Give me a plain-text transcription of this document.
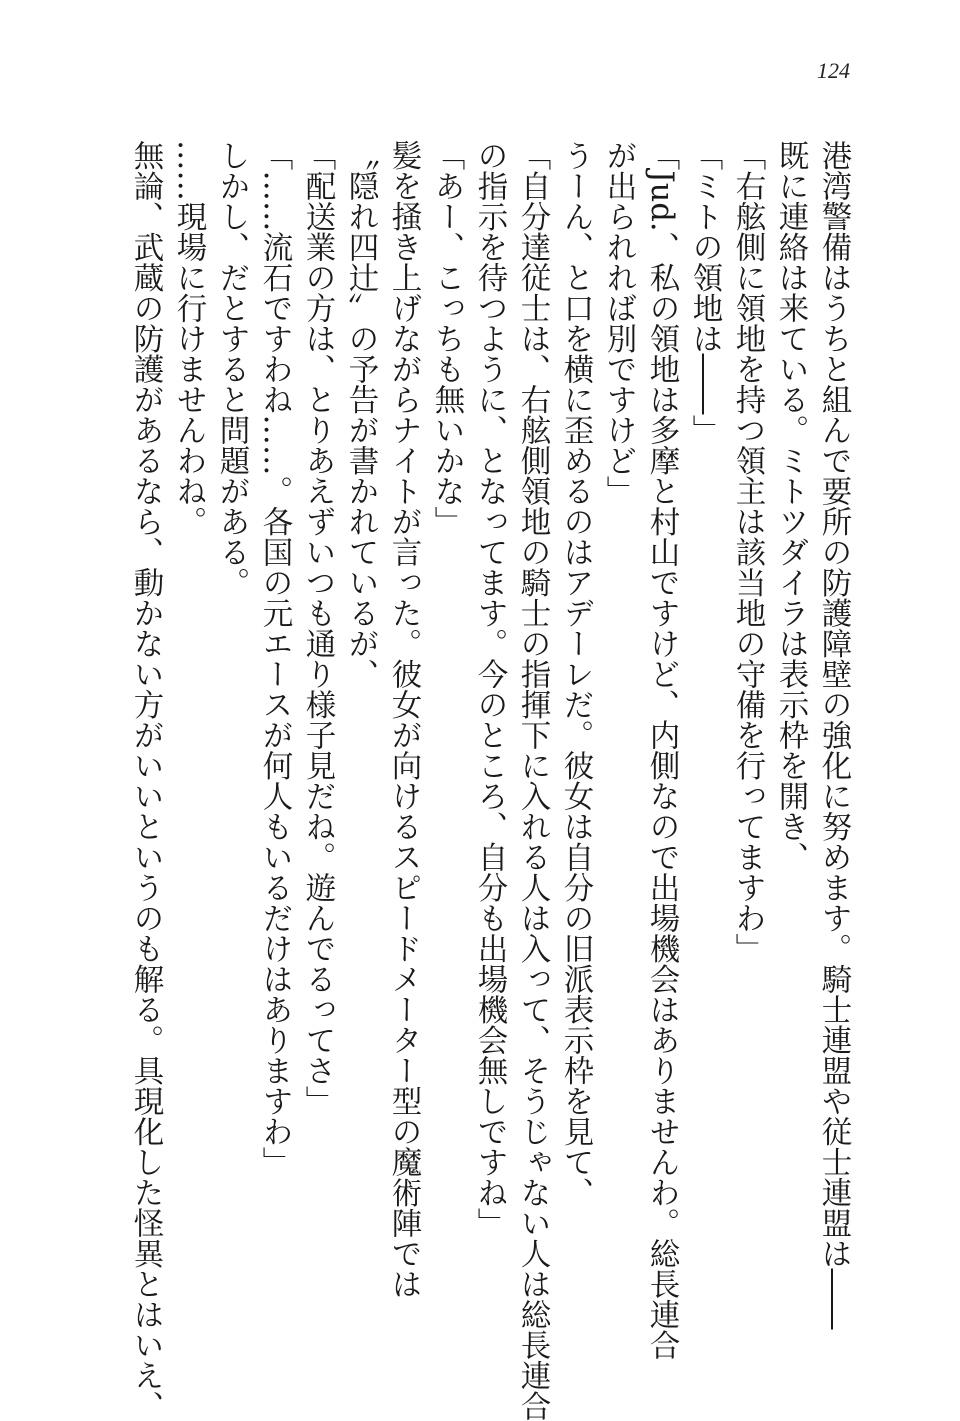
124

港湾警備はうちと組んで要所の防護障壁の強化に努めます。騎士連盟や従士連盟は――

既に連絡は来ている。ミトツダイラは表示枠を開き、

「右舷側に領地を持つ領主は該当地の守備を行ってますわ」

「ミトの領地は――」

「Jud.、私の領地は多摩と村山ですけど、内側なので出場機会はありませんわ。総長連合

が出られれば別ですけど」

うーん、と口を横に歪めるのはアデーレだ。彼女は自分の旧派表示枠を見て、

「自分達従士は、右舷側領地の騎士の指揮下に入れる人は入って、そうじゃない人は総長連合

の指示を待つように、となってます。今のところ、自分も出場機会無しですね」

「あー、こっちも無いかな」

髪を掻き上げながらナイトが言った。彼女が向けるスピードメーター型の魔術陣では

〝隠れ四辻〟の予告が書かれているが、

「配送業の方は、とりあえずいつも通り様子見だね。遊んでるってさ」

「……流石ですわね……。各国の元エースが何人もいるだけはありますわ」

しかし、だとすると問題がある。

……現場に行けませんわね。

無論、武蔵の防護があるなら、動かない方がいいというのも解る。具現化した怪異とはいえ、
